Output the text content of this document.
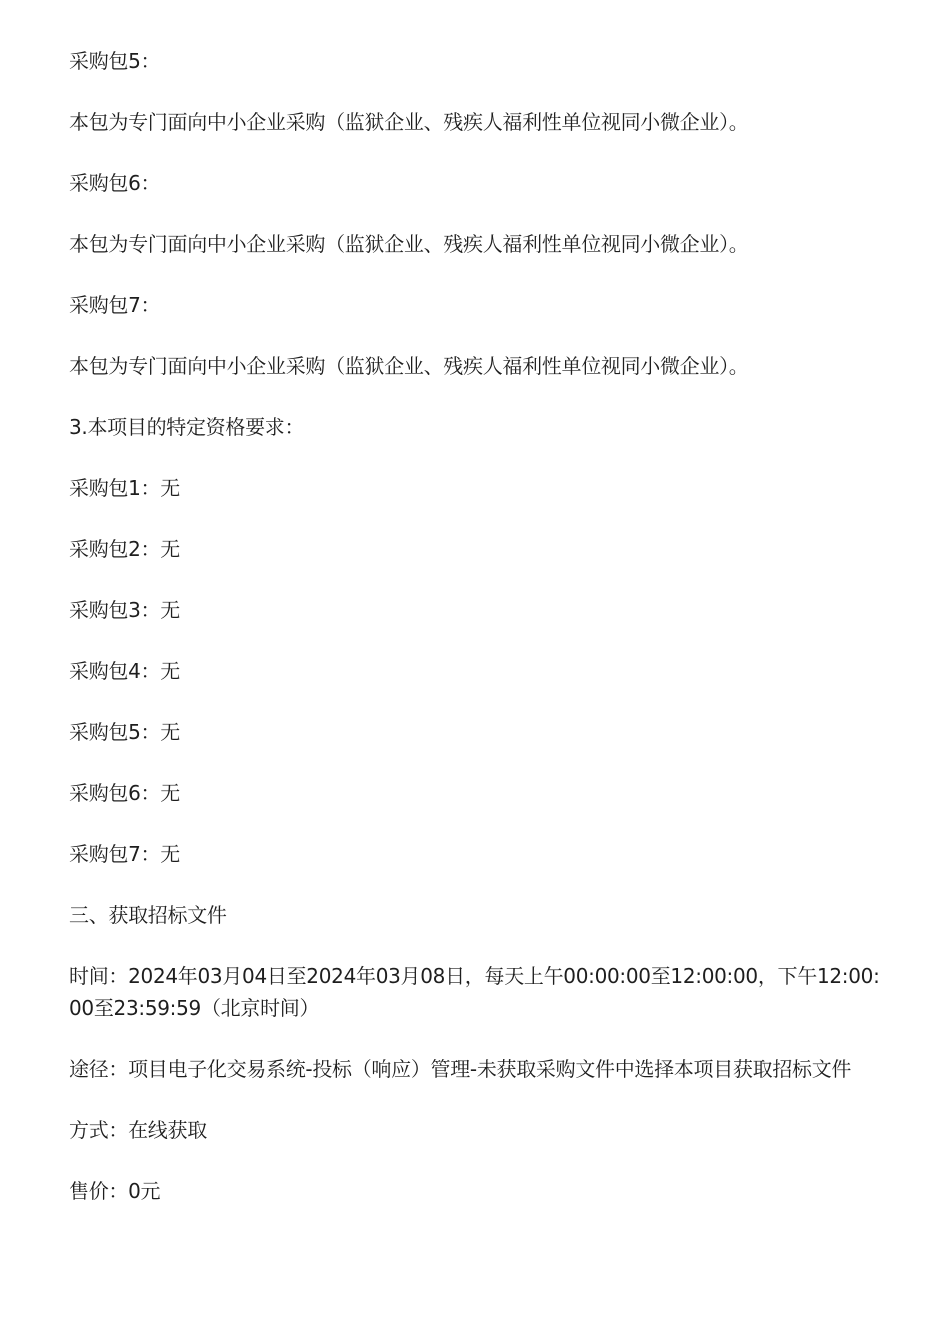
采购包5：

本包为专门面向中小企业采购（监狱企业、残疾人福利性单位视同小微企业）。

采购包6：

本包为专门面向中小企业采购（监狱企业、残疾人福利性单位视同小微企业）。

采购包7：

本包为专门面向中小企业采购（监狱企业、残疾人福利性单位视同小微企业）。

3.本项目的特定资格要求：

采购包1：无

采购包2：无

采购包3：无

采购包4：无

采购包5：无

采购包6：无

采购包7：无

三、获取招标文件

时间：2024年03月04日至2024年03月08日，每天上午00:00:00至12:00:00，下午12:00:00至23:59:59（北京时间）

途径：项目电子化交易系统-投标（响应）管理-未获取采购文件中选择本项目获取招标文件

方式：在线获取

售价：0元
